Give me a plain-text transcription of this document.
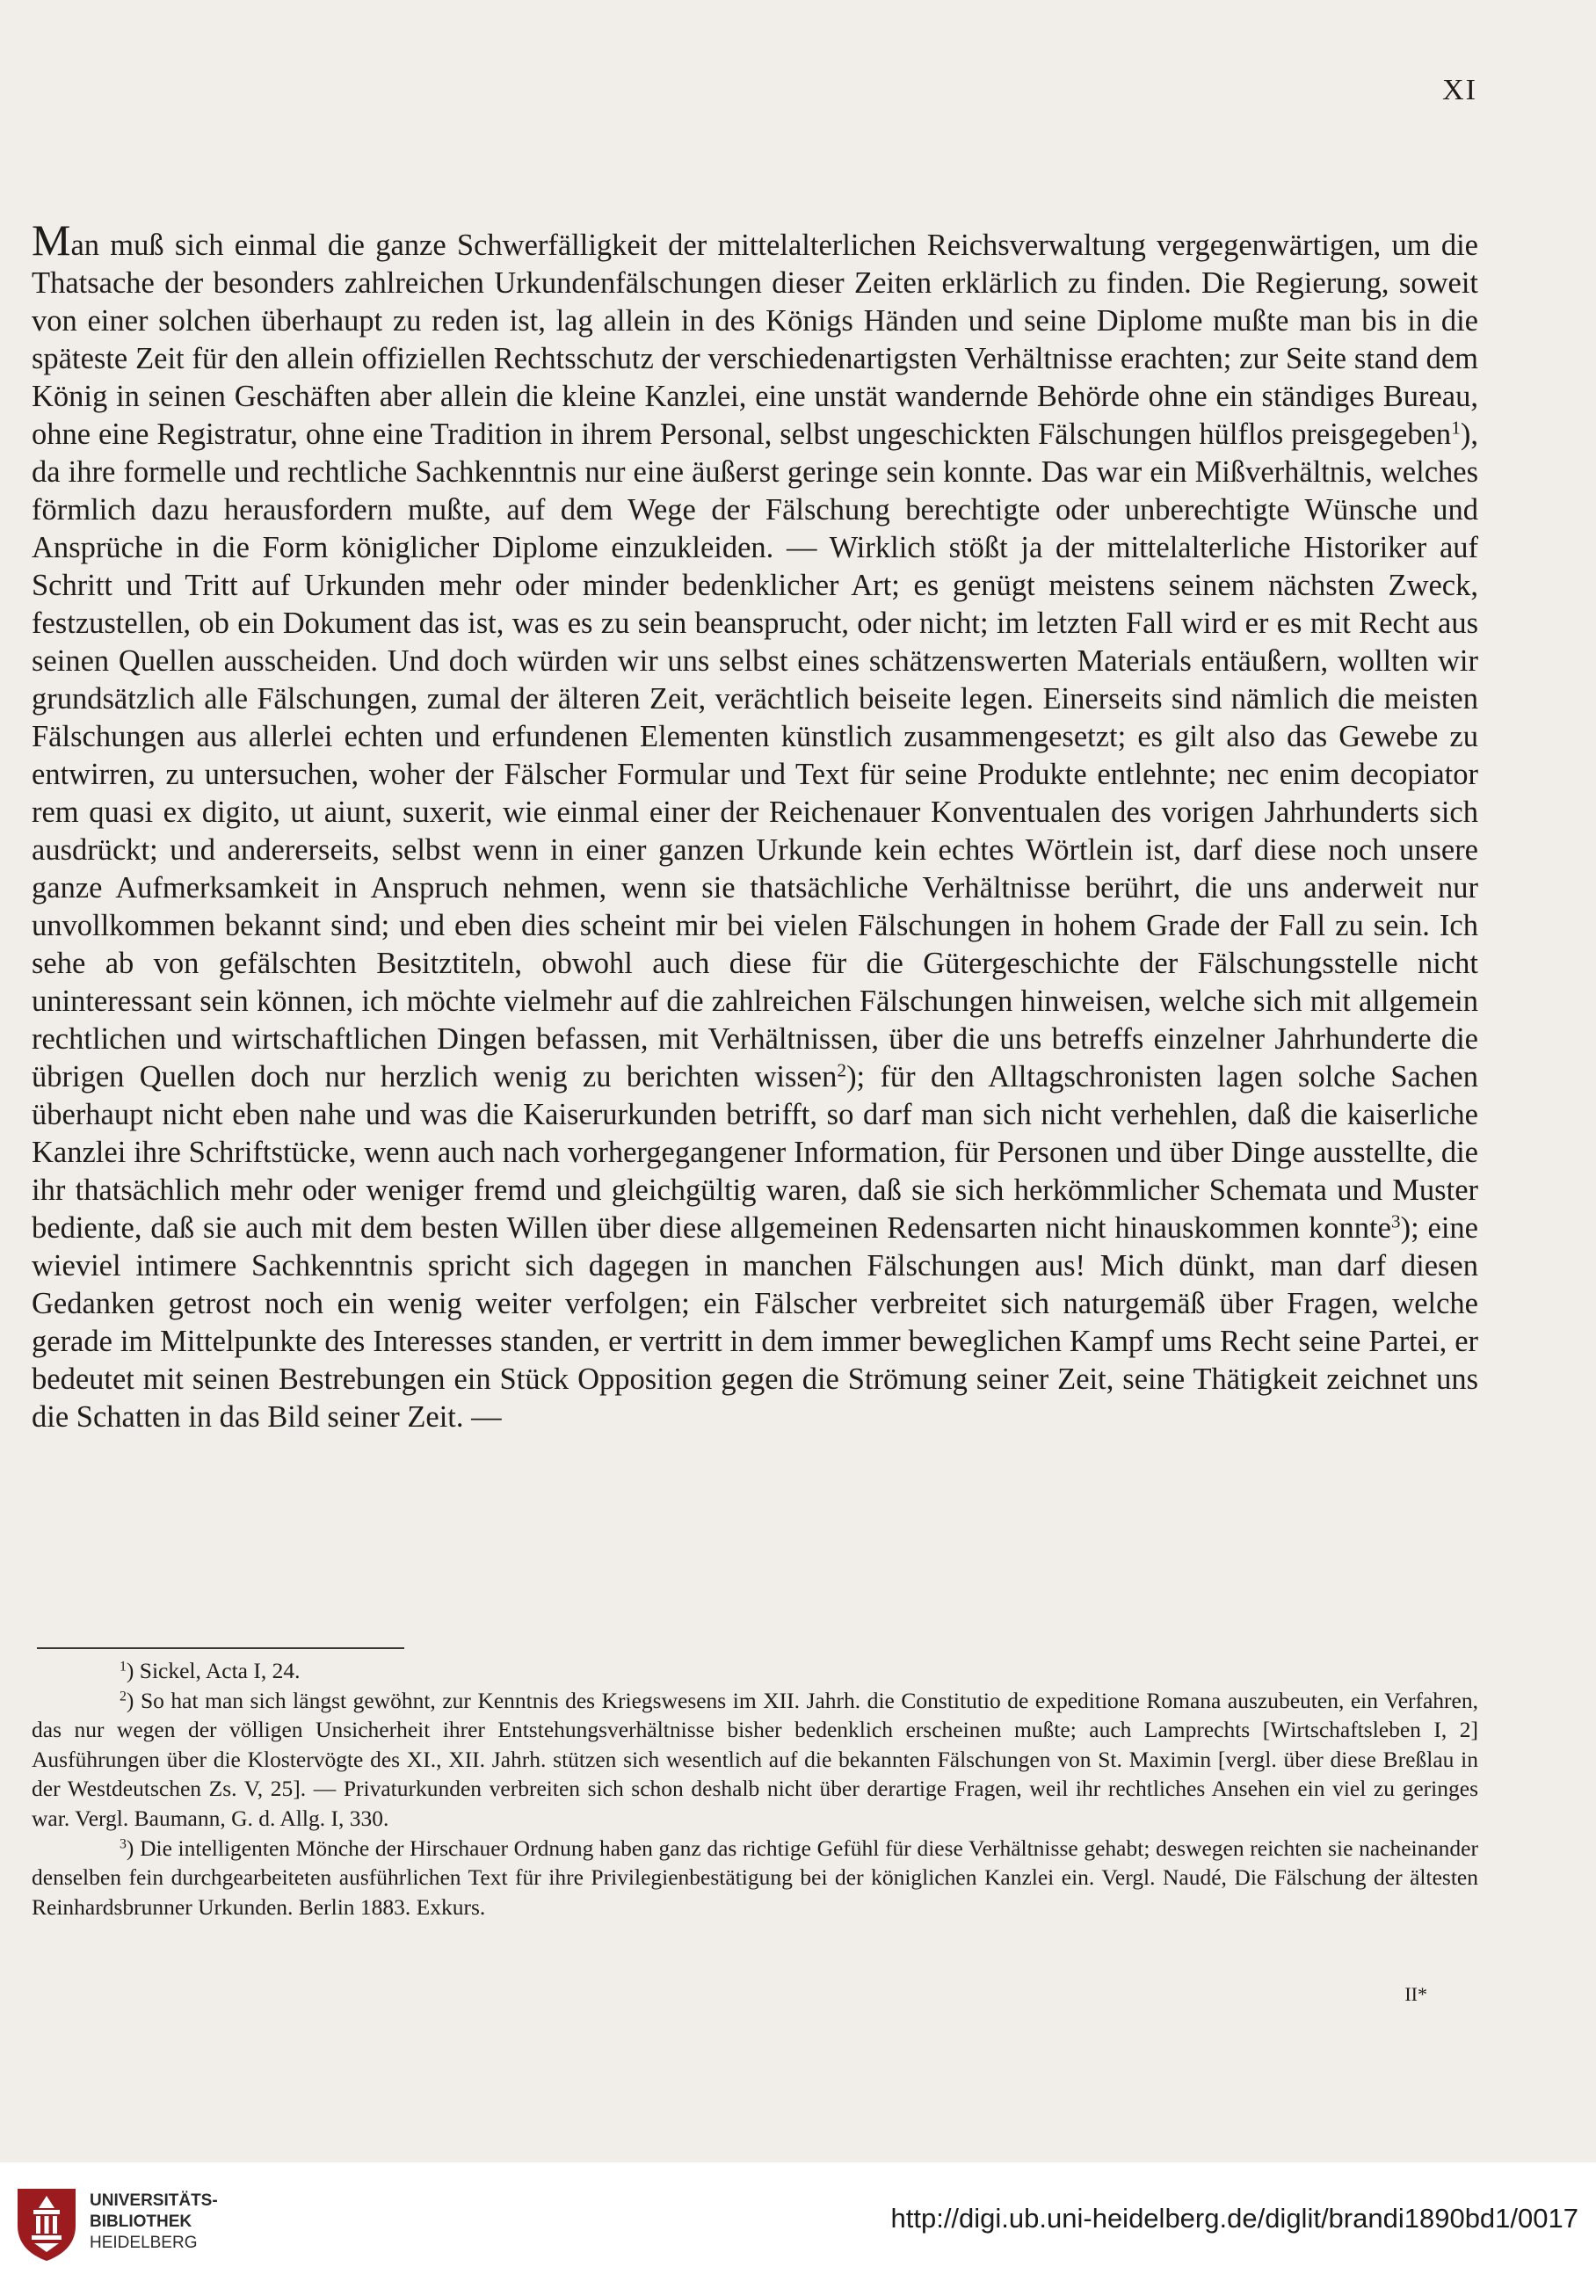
XI

Man muß sich einmal die ganze Schwerfälligkeit der mittelalterlichen Reichsverwaltung vergegenwärtigen, um die Thatsache der besonders zahlreichen Urkundenfälschungen dieser Zeiten erklärlich zu finden. Die Regierung, soweit von einer solchen überhaupt zu reden ist, lag allein in des Königs Händen und seine Diplome mußte man bis in die späteste Zeit für den allein offiziellen Rechtsschutz der verschiedenartigsten Verhältnisse erachten; zur Seite stand dem König in seinen Geschäften aber allein die kleine Kanzlei, eine unstät wandernde Behörde ohne ein ständiges Bureau, ohne eine Registratur, ohne eine Tradition in ihrem Personal, selbst ungeschickten Fälschungen hülflos preisgegeben$^1$), da ihre formelle und rechtliche Sachkenntnis nur eine äußerst geringe sein konnte. Das war ein Mißverhältnis, welches förmlich dazu herausfordern mußte, auf dem Wege der Fälschung berechtigte oder unberechtigte Wünsche und Ansprüche in die Form königlicher Diplome einzukleiden. — Wirklich stößt ja der mittelalterliche Historiker auf Schritt und Tritt auf Urkunden mehr oder minder bedenklicher Art; es genügt meistens seinem nächsten Zweck, festzustellen, ob ein Dokument das ist, was es zu sein beansprucht, oder nicht; im letzten Fall wird er es mit Recht aus seinen Quellen ausscheiden. Und doch würden wir uns selbst eines schätzenswerten Materials entäußern, wollten wir grundsätzlich alle Fälschungen, zumal der älteren Zeit, verächtlich beiseite legen. Einerseits sind nämlich die meisten Fälschungen aus allerlei echten und erfundenen Elementen künstlich zusammengesetzt; es gilt also das Gewebe zu entwirren, zu untersuchen, woher der Fälscher Formular und Text für seine Produkte entlehnte; nec enim decopiator rem quasi ex digito, ut aiunt, suxerit, wie einmal einer der Reichenauer Konventualen des vorigen Jahrhunderts sich ausdrückt; und andererseits, selbst wenn in einer ganzen Urkunde kein echtes Wörtlein ist, darf diese noch unsere ganze Aufmerksamkeit in Anspruch nehmen, wenn sie thatsächliche Verhältnisse berührt, die uns anderweit nur unvollkommen bekannt sind; und eben dies scheint mir bei vielen Fälschungen in hohem Grade der Fall zu sein. Ich sehe ab von gefälschten Besitztiteln, obwohl auch diese für die Gütergeschichte der Fälschungsstelle nicht uninteressant sein können, ich möchte vielmehr auf die zahlreichen Fälschungen hinweisen, welche sich mit allgemein rechtlichen und wirtschaftlichen Dingen befassen, mit Verhältnissen, über die uns betreffs einzelner Jahrhunderte die übrigen Quellen doch nur herzlich wenig zu berichten wissen$^2$); für den Alltagschronisten lagen solche Sachen überhaupt nicht eben nahe und was die Kaiserurkunden betrifft, so darf man sich nicht verhehlen, daß die kaiserliche Kanzlei ihre Schriftstücke, wenn auch nach vorhergegangener Information, für Personen und über Dinge ausstellte, die ihr thatsächlich mehr oder weniger fremd und gleichgültig waren, daß sie sich herkömmlicher Schemata und Muster bediente, daß sie auch mit dem besten Willen über diese allgemeinen Redensarten nicht hinauskommen konnte$^3$); eine wieviel intimere Sachkenntnis spricht sich dagegen in manchen Fälschungen aus! Mich dünkt, man darf diesen Gedanken getrost noch ein wenig weiter verfolgen; ein Fälscher verbreitet sich naturgemäß über Fragen, welche gerade im Mittelpunkte des Interesses standen, er vertritt in dem immer beweglichen Kampf ums Recht seine Partei, er bedeutet mit seinen Bestrebungen ein Stück Opposition gegen die Strömung seiner Zeit, seine Thätigkeit zeichnet uns die Schatten in das Bild seiner Zeit. —

$^1$) Sickel, Acta I, 24.

$^2$) So hat man sich längst gewöhnt, zur Kenntnis des Kriegswesens im XII. Jahrh. die Constitutio de expeditione Romana auszubeuten, ein Verfahren, das nur wegen der völligen Unsicherheit ihrer Entstehungsverhältnisse bisher bedenklich erscheinen mußte; auch Lamprechts [Wirtschaftsleben I, 2] Ausführungen über die Klostervögte des XI., XII. Jahrh. stützen sich wesentlich auf die bekannten Fälschungen von St. Maximin [vergl. über diese Breßlau in der Westdeutschen Zs. V, 25]. — Privaturkunden verbreiten sich schon deshalb nicht über derartige Fragen, weil ihr rechtliches Ansehen ein viel zu geringes war. Vergl. Baumann, G. d. Allg. I, 330.

$^3$) Die intelligenten Mönche der Hirschauer Ordnung haben ganz das richtige Gefühl für diese Verhältnisse gehabt; deswegen reichten sie nacheinander denselben fein durchgearbeiteten ausführlichen Text für ihre Privilegienbestätigung bei der königlichen Kanzlei ein. Vergl. Naudé, Die Fälschung der ältesten Reinhardsbrunner Urkunden. Berlin 1883. Exkurs.

II*
UNIVERSITÄTS-
BIBLIOTHEK
HEIDELBERG
http://digi.ub.uni-heidelberg.de/diglit/brandi1890bd1/0017
